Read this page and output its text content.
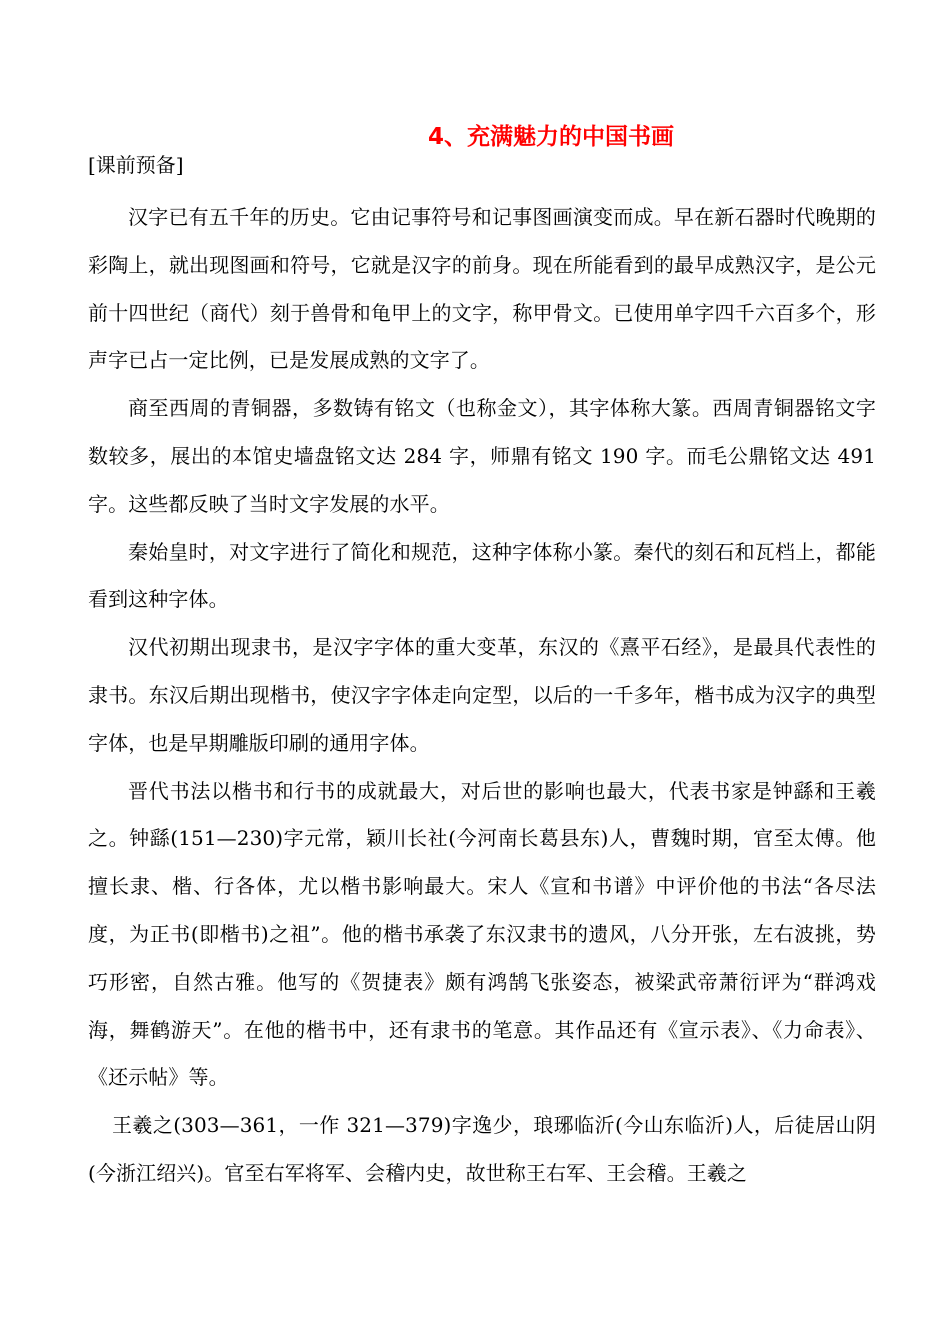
4、充满魅力的中国书画
[课前预备]

汉字已有五千年的历史。它由记事符号和记事图画演变而成。早在新石器时代晚期的彩陶上，就出现图画和符号，它就是汉字的前身。现在所能看到的最早成熟汉字，是公元前十四世纪（商代）刻于兽骨和龟甲上的文字，称甲骨文。已使用单字四千六百多个，形声字已占一定比例，已是发展成熟的文字了。

商至西周的青铜器，多数铸有铭文（也称金文），其字体称大篆。西周青铜器铭文字数较多，展出的本馆史墙盘铭文达 284 字，师鼎有铭文 190 字。而毛公鼎铭文达 491 字。这些都反映了当时文字发展的水平。

秦始皇时，对文字进行了简化和规范，这种字体称小篆。秦代的刻石和瓦档上，都能看到这种字体。

汉代初期出现隶书，是汉字字体的重大变革，东汉的《熹平石经》，是最具代表性的隶书。东汉后期出现楷书，使汉字字体走向定型，以后的一千多年，楷书成为汉字的典型字体，也是早期雕版印刷的通用字体。

晋代书法以楷书和行书的成就最大，对后世的影响也最大，代表书家是钟繇和王羲之。钟繇(151—230)字元常，颖川长社(今河南长葛县东)人，曹魏时期，官至太傅。他擅长隶、楷、行各体，尤以楷书影响最大。宋人《宣和书谱》中评价他的书法“各尽法度，为正书(即楷书)之祖”。他的楷书承袭了东汉隶书的遗风，八分开张，左右波挑，势巧形密，自然古雅。他写的《贺捷表》颇有鸿鹄飞张姿态，被梁武帝萧衍评为“群鸿戏海，舞鹤游天”。在他的楷书中，还有隶书的笔意。其作品还有《宣示表》、《力命表》、《还示帖》等。

王羲之(303—361，一作 321—379)字逸少，琅琊临沂(今山东临沂)人，后徒居山阴(今浙江绍兴)。官至右军将军、会稽内史，故世称王右军、王会稽。王羲之
